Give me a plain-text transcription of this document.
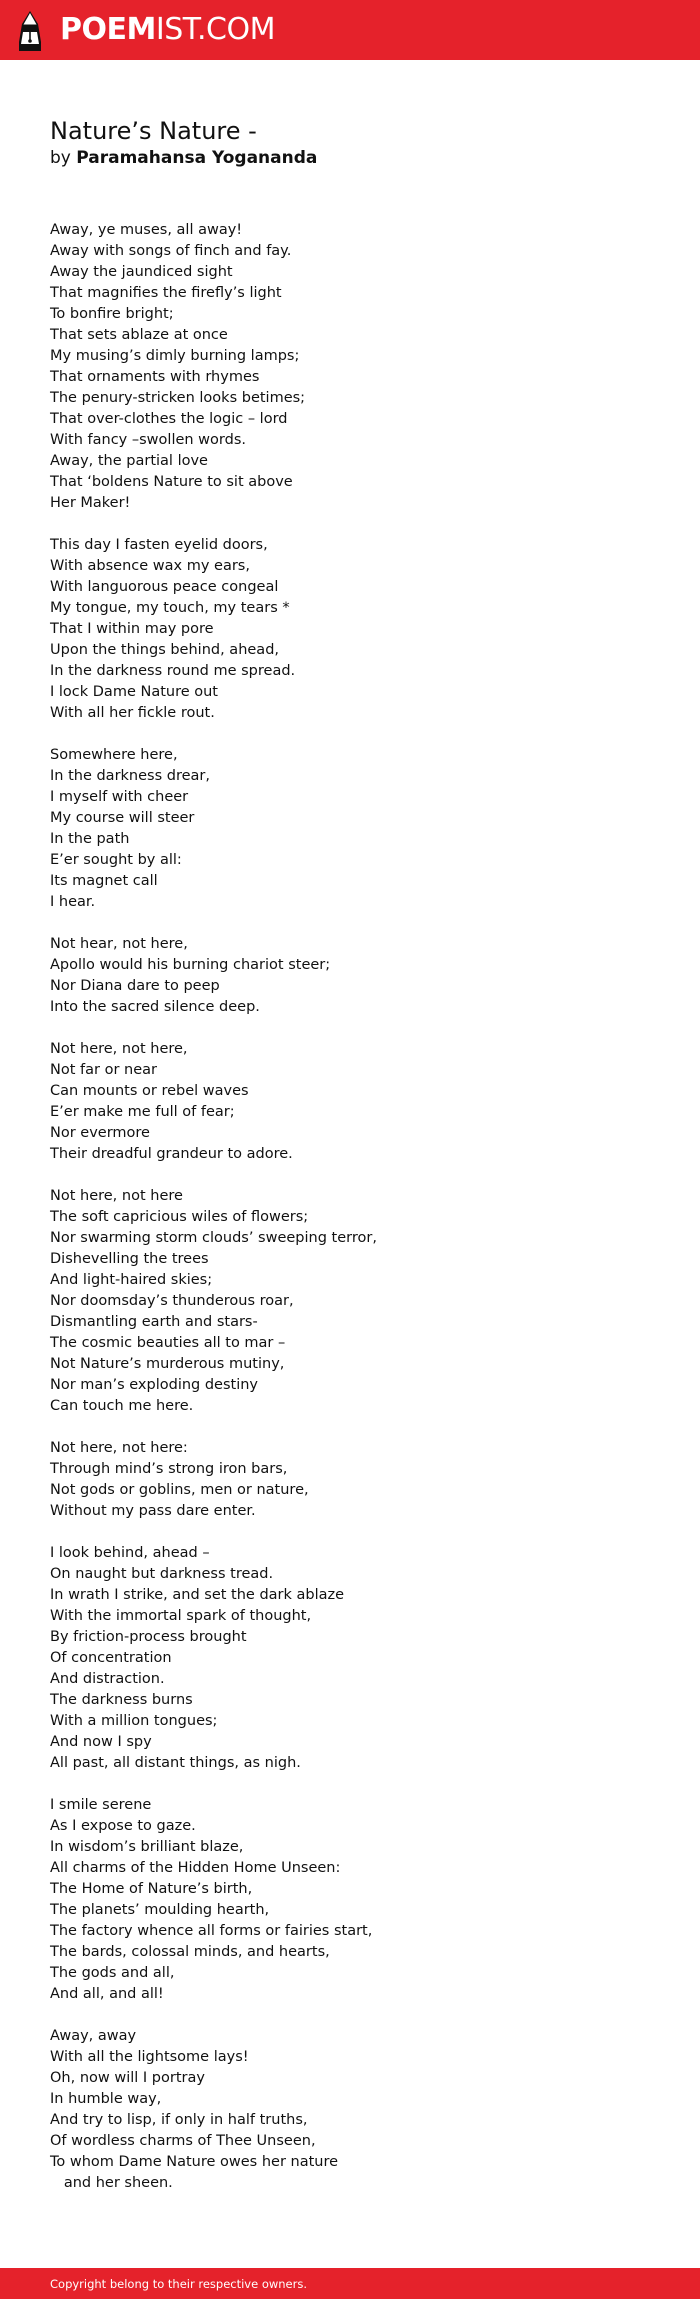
POEMIST.COM
Nature’s Nature -
by Paramahansa Yogananda
Away, ye muses, all away!
Away with songs of finch and fay.
Away the jaundiced sight
That magnifies the firefly’s light
To bonfire bright;
That sets ablaze at once
My musing’s dimly burning lamps;
That ornaments with rhymes
The penury-stricken looks betimes;
That over-clothes the logic – lord
With fancy –swollen words.
Away, the partial love
That ‘boldens Nature to sit above
Her Maker!
This day I fasten eyelid doors,
With absence wax my ears,
With languorous peace congeal
My tongue, my touch, my tears *
That I within may pore
Upon the things behind, ahead,
In the darkness round me spread.
I lock Dame Nature out
With all her fickle rout.
Somewhere here,
In the darkness drear,
I myself with cheer
My course will steer
In the path
E’er sought by all:
Its magnet call
I hear.
Not hear, not here,
Apollo would his burning chariot steer;
Nor Diana dare to peep
Into the sacred silence deep.
Not here, not here,
Not far or near
Can mounts or rebel waves
E’er make me full of fear;
Nor evermore
Their dreadful grandeur to adore.
Not here, not here
The soft capricious wiles of flowers;
Nor swarming storm clouds’ sweeping terror,
Dishevelling the trees
And light-haired skies;
Nor doomsday’s thunderous roar,
Dismantling earth and stars-
The cosmic beauties all to mar –
Not Nature’s murderous mutiny,
Nor man’s exploding destiny
Can touch me here.
Not here, not here:
Through mind’s strong iron bars,
Not gods or goblins, men or nature,
Without my pass dare enter.
I look behind, ahead –
On naught but darkness tread.
In wrath I strike, and set the dark ablaze
With the immortal spark of thought,
By friction-process brought
Of concentration
And distraction.
The darkness burns
With a million tongues;
And now I spy
All past, all distant things, as nigh.
I smile serene
As I expose to gaze.
In wisdom’s brilliant blaze,
All charms of the Hidden Home Unseen:
The Home of Nature’s birth,
The planets’ moulding hearth,
The factory whence all forms or fairies start,
The bards, colossal minds, and hearts,
The gods and all,
And all, and all!
Away, away
With all the lightsome lays!
Oh, now will I portray
In humble way,
And try to lisp, if only in half truths,
Of wordless charms of Thee Unseen,
To whom Dame Nature owes her nature
and her sheen.
Copyright belong to their respective owners.
